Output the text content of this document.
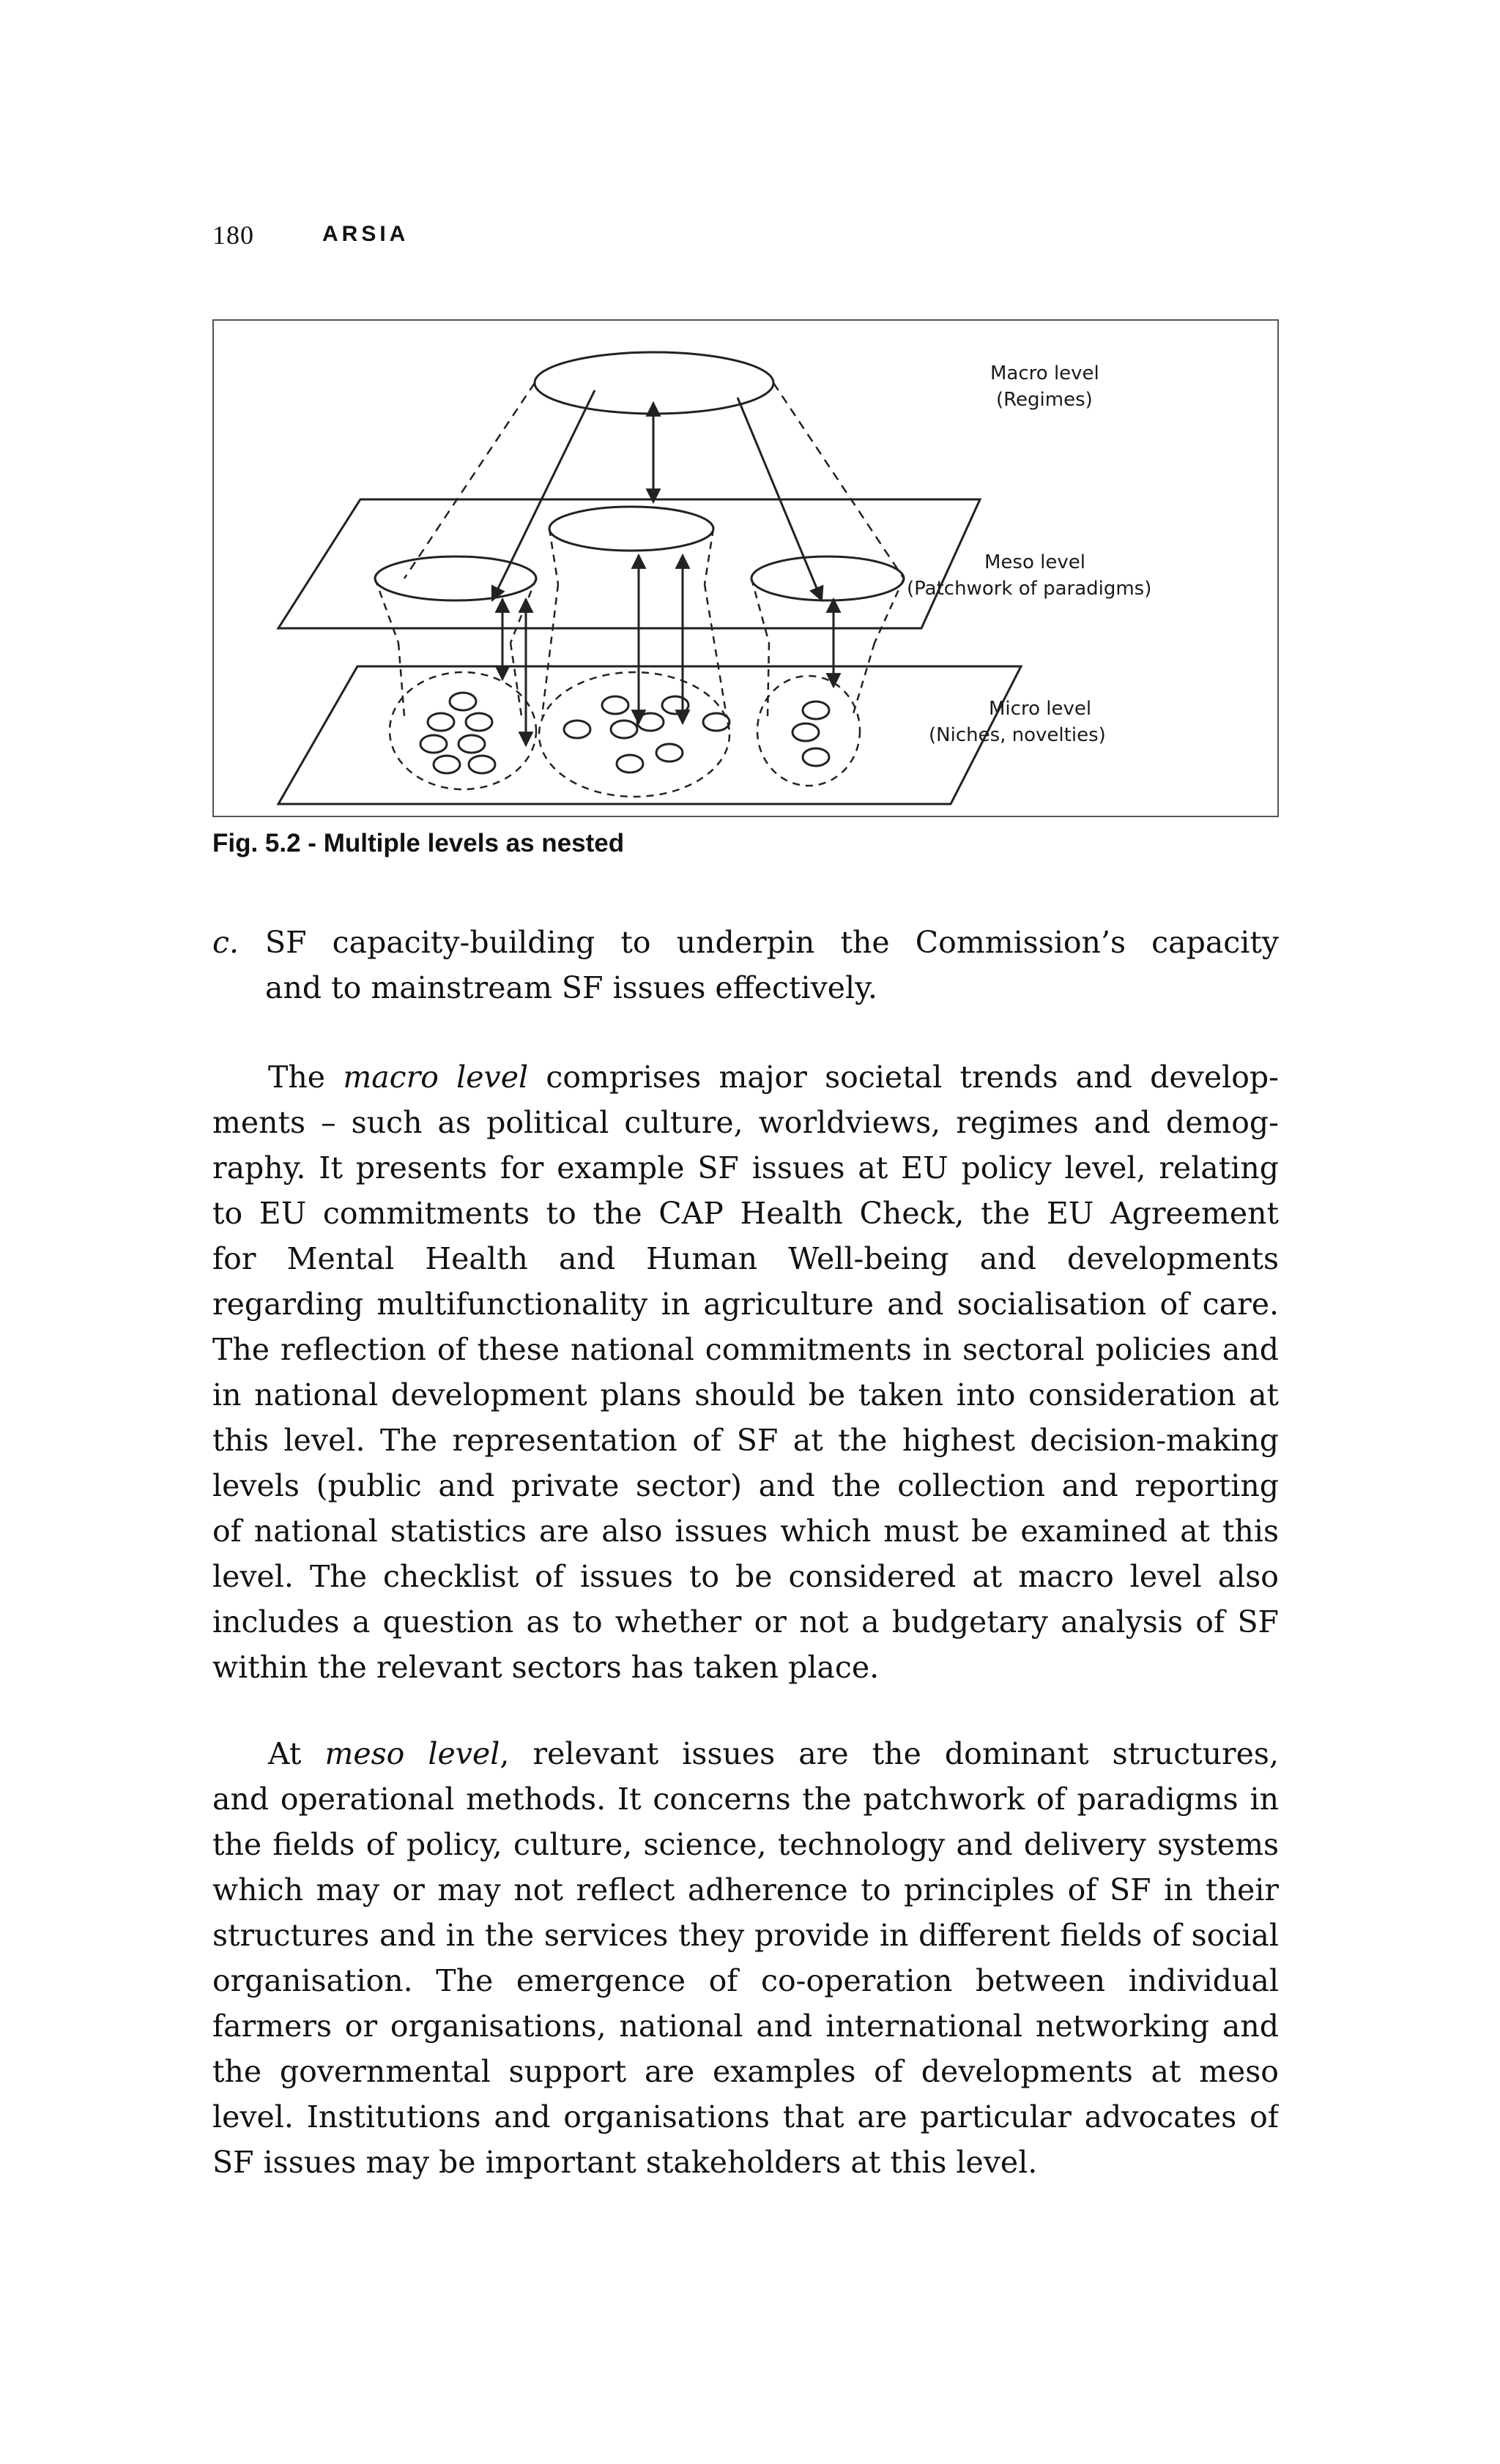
180	ARSIA
Macro level
(Regimes)
Meso level
(Patchwork of paradigms)
Micro level
(Niches, novelties)
Fig. 5.2 - Multiple levels as nested
c. SF capacity-building to underpin the Commission’s capacity
and to mainstream SF issues effectively.
The macro level comprises major societal trends and develop-
ments – such as political culture, worldviews, regimes and demog-
raphy. It presents for example SF issues at EU policy level, relating
to EU commitments to the CAP Health Check, the EU Agreement
for Mental Health and Human Well-being and developments
regarding multifunctionality in agriculture and socialisation of care.
The reflection of these national commitments in sectoral policies and
in national development plans should be taken into consideration at
this level. The representation of SF at the highest decision-making
levels (public and private sector) and the collection and reporting
of national statistics are also issues which must be examined at this
level. The checklist of issues to be considered at macro level also
includes a question as to whether or not a budgetary analysis of SF
within the relevant sectors has taken place.
At meso level, relevant issues are the dominant structures,
and operational methods. It concerns the patchwork of paradigms in
the fields of policy, culture, science, technology and delivery systems
which may or may not reflect adherence to principles of SF in their
structures and in the services they provide in different fields of social
organisation. The emergence of co-operation between individual
farmers or organisations, national and international networking and
the governmental support are examples of developments at meso
level. Institutions and organisations that are particular advocates of
SF issues may be important stakeholders at this level.
